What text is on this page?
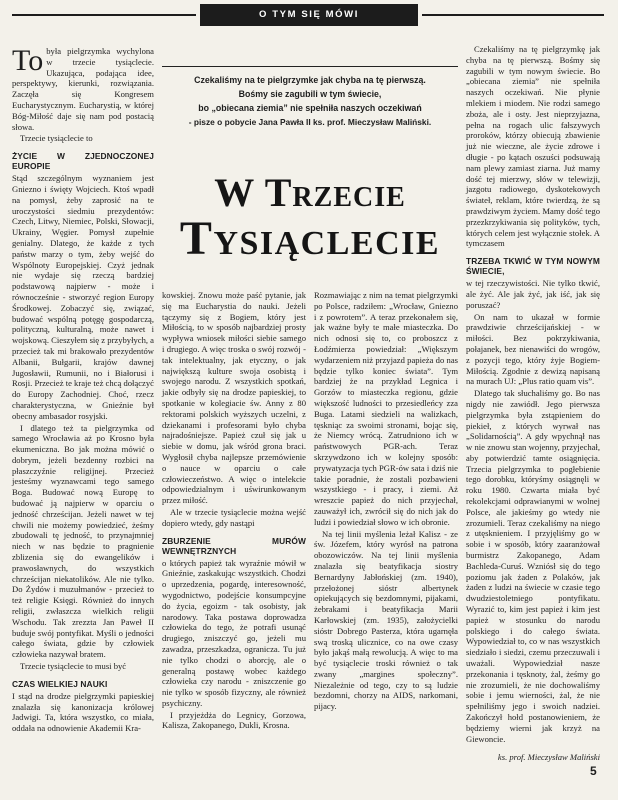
O TYM SIĘ MÓWI

To była pielgrzymka wychylona w trzecie tysiąclecie. Ukazująca, podająca idee, perspektywy, kierunki, rozwiązania. Zaczęła się Kongresem Eucharystycznym. Eucharystią, w której Bóg-Miłość daje się nam pod postacią słowa.

Trzecie tysiąclecie to

ŻYCIE W ZJEDNOCZONEJ EUROPIE

Stąd szczególnym wyznaniem jest Gniezno i święty Wojciech. Ktoś wpadł na pomysł, żeby zaprosić na te uroczystości siedmiu prezydentów: Czech, Litwy, Niemiec, Polski, Słowacji, Ukrainy, Węgier. Pomysł zupełnie genialny. Dlatego, że każde z tych państw marzy o tym, żeby wejść do Wspólnoty Europejskiej. Czyż jednak nie wydaje się rzeczą bardziej podstawową najpierw - może i równocześnie - stworzyć region Europy Środkowej. Zobaczyć się, związać, budować wspólną potęgę gospodarczą, polityczną, kulturalną, może nawet i wojskową. Cieszyłem się z przybyłych, a przecież tak mi brakowało prezydentów Albanii, Bułgarii, krajów dawnej Jugosławii, Rumunii, no i Białorusi i Rosji. Przecież te kraje też chcą dołączyć do Europy Zachodniej. Choć, rzecz charakterystyczna, w Gnieźnie był obecny ambasador rosyjski.

I dlatego też ta pielgrzymka od samego Wrocławia aż po Krosno była ekumeniczna. Bo jak można mówić o dobrym, jeżeli bezdenny rozbici na płaszczyźnie religijnej. Przecież jesteśmy wyznawcami tego samego Boga. Budować nową Europę to budować ją najpierw w oparciu o jedność chrześcijan. Jeżeli nawet w tej chwili nie możemy powiedzieć, żeśmy zbudowali tę jedność, to przynajmniej niech w nas będzie to pragnienie zblizenia się do ewangelików i prawosławnych, do wszystkich chrześcijan niekatolików. Ale nie tylko. Do Żydów i muzułmanów - przecież to też religie Księgi. Również do innych religii, zwłaszcza wielkich religii Wschodu. Tak zrezzta Jan Paweł II buduje swój pontyfikat. Myśli o jedności całego świata, gdzie by człowiek człowieka nazywał bratem.

Trzecie tysiąclecie to musi być

CZAS WIELKIEJ NAUKI

I stąd na drodze pielgrzymki papieskiej znalazła się kanonizacja królowej Jadwigi. Ta, która wszystko, co miała, oddała na odnowienie Akademii Kra-

Czekaliśmy na te pielgrzymke jak chyba na tę pierwszą.

Bośmy sie zagubili w tym świecie,

bo „obiecana ziemia” nie spełniła naszych oczekiwań

- pisze o pobycie Jana Pawła II ks. prof. Mieczysław Maliński.

W Trzecie
Tysiąclecie

kowskiej. Znowu może paść pytanie, jak się ma Eucharystia do nauki. Jeżeli tączymy się z Bogiem, który jest Miłością, to w sposób najbardziej prosty wypływa wniosek miłości siebie samego i drugiego. A więc troska o swój rozwój - tak intelektualny, jak etyczny, o jak największą kulture swoja osobistą i swojego narodu. Z wszystkich spotkań, jakie odbyły się na drodze papieskiej, to spotkanie w kolegiacie św. Anny z 80 rektorami polskich wyższych uczelni, z dziekanami i profesorami było chyba najradośniejsze. Papież czuł się jak u siebie w domu, jak wśród grona braci. Wygłosił chyba najlepsze przemówienie o nauce w oparciu o całe człowieczeństwo. A więc o intelekcie odpowiedzialnym i uświrunkowanym przez miłość.

Ale w trzecie tysiąclecie można wejść dopiero wtedy, gdy nastąpi

ZBURZENIE MURÓW WEWNĘTRZNYCH

o których papież tak wyraźnie mówił w Gnieźnie, zaskakując wszystkich. Chodzi o uprzedzenia, pogardę, interesowność, wygodnictwo, podejście konsumpcyjne do życia, egoizm - tak osobisty, jak narodowy. Taka postawa doprowadza człowieka do tego, że potrafi usunąć drugiego, zniszczyć go, jeżeli mu zawadza, przeszkadza, ogranicza. Tu już nie tylko chodzi o aborcję, ale o generalną postawę wobec każdego człowieka czy narodu - zniszczenie go nie tylko w sposób fizyczny, ale również psychiczny.

I przyjeżdża do Legnicy, Gorzowa, Kalisza, Zakopanego, Dukli, Krosna.

Rozmawiając z nim na temat pielgrzymki po Polsce, radziłem: „Wrocław, Gniezno i z powrotem”. A teraz przekonałem się, jak ważne były te małe miasteczka. Do nich odnosi się to, co proboszcz z Łodźmierza powiedział: „Większym wydarzeniem niż przyjazd papieża do nas będzie tylko koniec świata”. Tym bardziej że na przykład Legnica i Gorzów to miasteczka regionu, gdzie większość ludności to przesiedleńcy zza Buga. Latami siedzieli na walizkach, tęskniąc za swoimi stronami, bojąc się, że Niemcy wrócą. Zatrudniono ich w państwowych PGR-ach. Teraz skrzywdzono ich w kolejny sposób: prywatyzacja tych PGR-ów sata i dziś nie takie poradnie, że zostali pozbawieni wszystkiego - i pracy, i ziemi. Aż wreszcie papież do nich przyjechał, zauważył ich, zwrócił się do nich jak do ludzi i powiedział słowo w ich obronie.

Na tej linii myślenia leżał Kalisz - ze św. Józefem, który wyrósł na patrona obozowiczów. Na tej linii myślenia znalazła się beatyfikacja siostry Bernardyny Jabłońskiej (zm. 1940), przełożonej sióstr albertynek opiekujących się bezdomnymi, pijakami, żebrakami i beatyfikacja Marii Karłowskiej (zm. 1935), założycielki sióstr Dobrego Pasterza, która ugarnęła swą troską ulicznice, co na owe czasy było jakąś małą rewolucją. A więc to ma być tysiąclecie troski również o tak zwany „margines społeczny”. Niezależnie od tego, czy to są ludzie bezdomni, chorzy na AIDS, narkomani, pijacy.

Czekaliśmy na tę pielgrzymkę jak chyba na tę pierwszą. Bośmy się zagubili w tym nowym świecie. Bo „obiecana ziemia” nie spełniła naszych oczekiwań. Nie płynie mlekiem i miodem. Nie rodzi samego zboża, ale i osty. Jest nieprzyjazna, pełna na rogach ulic fałszywych proroków, którzy obiecują zbawienie już nie wieczne, ale życie zdrowe i długie - po kątach oszuści podsuwają nam plewy zamiast ziarna. Już mamy dość tej mierzwy, słów w telewizji, jazgotu radiowego, dyskotekowych świateł, reklam, które twierdzą, że są prawdziwym życiem. Mamy dość tego przezkrzykiwania się polityków, tych, których celem jest wyłącznie stołek. A tymczasem

TRZEBA TKWIĆ W TYM NOWYM ŚWIECIE,

w tej rzeczywistości. Nie tylko tkwić, ale żyć. Ale jak żyć, jak iść, jak się poruszać?

On nam to ukazał w formie prawdziwie chrześcijańskiej - w miłości. Bez pokrzykiwania, połajanek, bez nienawiści do wrogów, z pozycji tego, który żyje Bogiem-Miłością. Zgodnie z dewizą napisaną na murach UJ: „Plus ratio quam vis”.

Dlatego tak słuchaliśmy go. Bo nas nigdy nie zawiódł. Jego pierwsza pielgrzymka była zstąpieniem do piekieł, z których wyrwał nas „Solidarnością”. A gdy wpychnął nas w nie znowu stan wojenny, przyjechał, aby potwierdzić tamte osiągnięcia. Trzecia pielgrzymka to pogłebienie tego dorobku, któryśmy osiągnęli w roku 1980. Czwarta miała być rekolekcjami odprawianymi w wolnej Polsce, ale jakieśmy go wtedy nie zrozumieli. Teraz czekaliśmy na niego z utęsknieniem. I przyjęliśmy go w sobie i w sposób, który zaaranżował burmistrz Zakopanego, Adam Bachleda-Curuś. Wzniósł się do tego poziomu jak żaden z Polaków, jak żaden z ludzi na świecie w czasie tego dwudziestoletniego pontyfikatu. Wyrazić to, kim jest papież i kim jest papież w stosunku do narodu polskiego i do całego świata. Wypowiedział to, co w nas wszystkich siedziało i siedzi, czemu przeczuwali i uważali. Wypowiedział nasze przekonania i tęsknoty, żal, żeśmy go nie zrozumieli, że nie dochowaliśmy sobie i jemu wierności, żal, że nie spełniliśmy jego i swoich nadziei. Zakończył hołd postanowieniem, że będziemy wierni jak krzyż na Giewoncie.

ks. prof. Mieczysław Maliński
5
